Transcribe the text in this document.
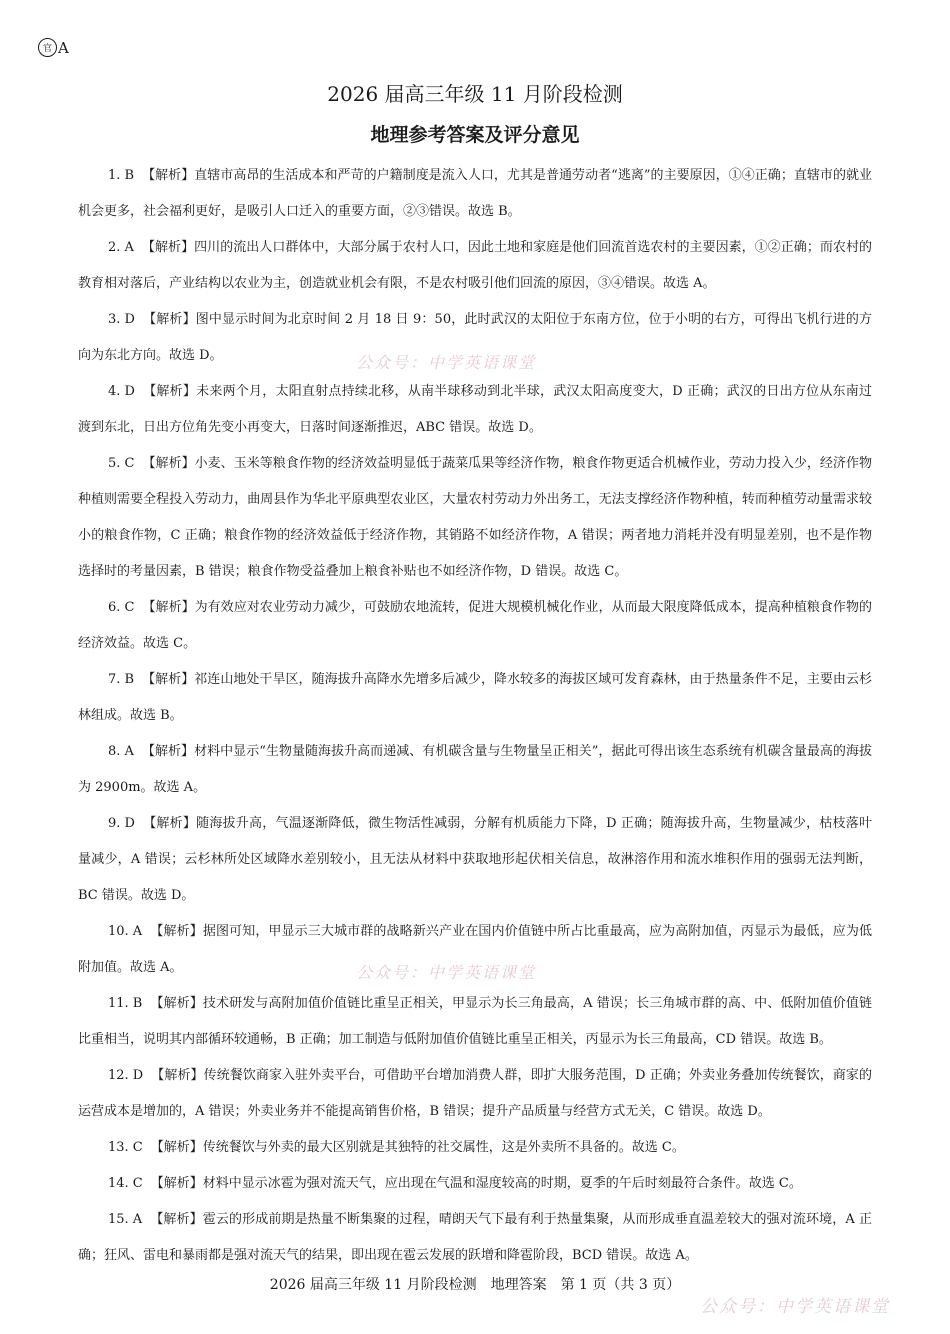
官 A
2026 届高三年级 11 月阶段检测
地理参考答案及评分意见

1. B 【解析】直辖市高昂的生活成本和严苛的户籍制度是流入人口，尤其是普通劳动者“逃离”的主要原因，①④正确；直辖市的就业机会更多，社会福利更好，是吸引人口迁入的重要方面，②③错误。故选 B。

2. A 【解析】四川的流出人口群体中，大部分属于农村人口，因此土地和家庭是他们回流首选农村的主要因素，①②正确；而农村的教育相对落后，产业结构以农业为主，创造就业机会有限，不是农村吸引他们回流的原因，③④错误。故选 A。

3. D 【解析】图中显示时间为北京时间 2 月 18 日 9：50，此时武汉的太阳位于东南方位，位于小明的右方，可得出飞机行进的方向为东北方向。故选 D。

4. D 【解析】未来两个月，太阳直射点持续北移，从南半球移动到北半球，武汉太阳高度变大，D 正确；武汉的日出方位从东南过渡到东北，日出方位角先变小再变大，日落时间逐渐推迟，ABC 错误。故选 D。

5. C 【解析】小麦、玉米等粮食作物的经济效益明显低于蔬菜瓜果等经济作物，粮食作物更适合机械作业，劳动力投入少，经济作物种植则需要全程投入劳动力，曲周县作为华北平原典型农业区，大量农村劳动力外出务工，无法支撑经济作物种植，转而种植劳动量需求较小的粮食作物，C 正确；粮食作物的经济效益低于经济作物，其销路不如经济作物，A 错误；两者地力消耗并没有明显差别，也不是作物选择时的考量因素，B 错误；粮食作物受益叠加上粮食补贴也不如经济作物，D 错误。故选 C。

6. C 【解析】为有效应对农业劳动力减少，可鼓励农地流转，促进大规模机械化作业，从而最大限度降低成本，提高种植粮食作物的经济效益。故选 C。

7. B 【解析】祁连山地处干旱区，随海拔升高降水先增多后减少，降水较多的海拔区域可发育森林，由于热量条件不足，主要由云杉林组成。故选 B。

8. A 【解析】材料中显示“生物量随海拔升高而递减、有机碳含量与生物量呈正相关”，据此可得出该生态系统有机碳含量最高的海拔为 2900m。故选 A。

9. D 【解析】随海拔升高，气温逐渐降低，微生物活性减弱，分解有机质能力下降，D 正确；随海拔升高，生物量减少，枯枝落叶量减少，A 错误；云杉林所处区域降水差别较小，且无法从材料中获取地形起伏相关信息，故淋溶作用和流水堆积作用的强弱无法判断，BC 错误。故选 D。

10. A 【解析】据图可知，甲显示三大城市群的战略新兴产业在国内价值链中所占比重最高，应为高附加值，丙显示为最低，应为低附加值。故选 A。

11. B 【解析】技术研发与高附加值价值链比重呈正相关，甲显示为长三角最高，A 错误；长三角城市群的高、中、低附加值价值链比重相当，说明其内部循环较通畅，B 正确；加工制造与低附加值价值链比重呈正相关，丙显示为长三角最高，CD 错误。故选 B。

12. D 【解析】传统餐饮商家入驻外卖平台，可借助平台增加消费人群，即扩大服务范围，D 正确；外卖业务叠加传统餐饮，商家的运营成本是增加的，A 错误；外卖业务并不能提高销售价格，B 错误；提升产品质量与经营方式无关，C 错误。故选 D。

13. C 【解析】传统餐饮与外卖的最大区别就是其独特的社交属性，这是外卖所不具备的。故选 C。

14. C 【解析】材料中显示冰雹为强对流天气，应出现在气温和湿度较高的时期，夏季的午后时刻最符合条件。故选 C。

15. A 【解析】雹云的形成前期是热量不断集聚的过程，晴朗天气下最有利于热量集聚，从而形成垂直温差较大的强对流环境，A 正确；狂风、雷电和暴雨都是强对流天气的结果，即出现在雹云发展的跃增和降雹阶段，BCD 错误。故选 A。

公众号：中学英语课堂
公众号：中学英语课堂
公众号：中学英语课堂
2026 届高三年级 11 月阶段检测　地理答案　第 1 页（共 3 页）
